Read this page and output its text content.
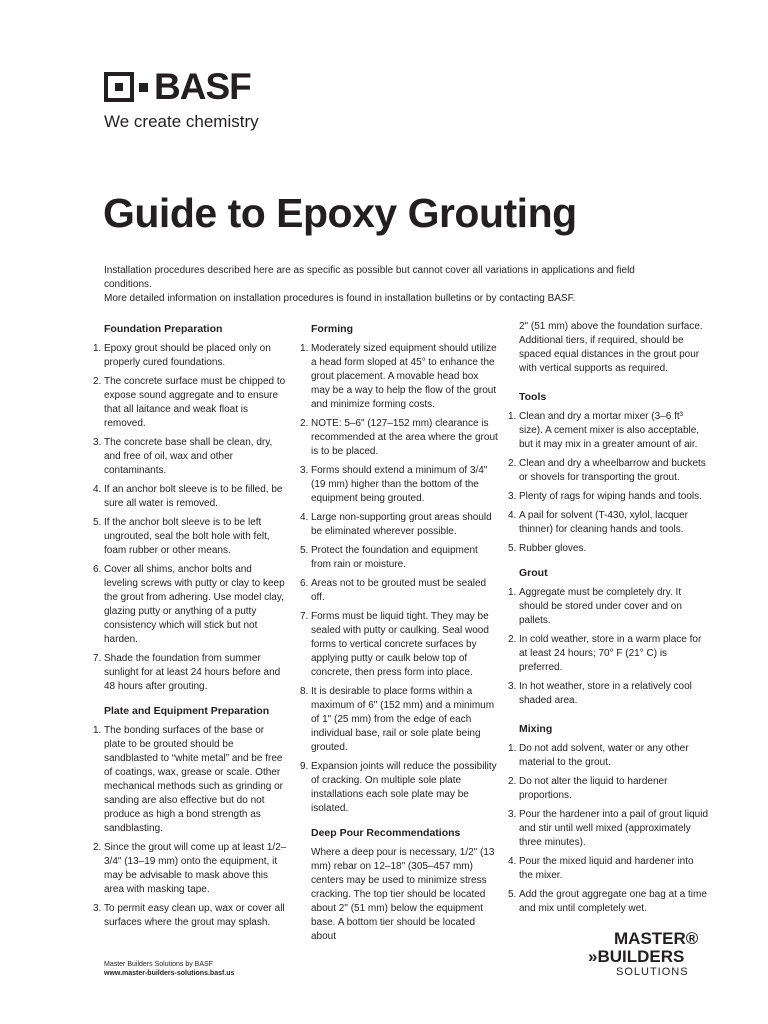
BASF
We create chemistry
Guide to Epoxy Grouting
Installation procedures described here are as specific as possible but cannot cover all variations in applications and field conditions.
More detailed information on installation procedures is found in installation bulletins or by contacting BASF.
Foundation Preparation
1. Epoxy grout should be placed only on properly cured foundations.
2. The concrete surface must be chipped to expose sound aggregate and to ensure that all laitance and weak float is removed.
3. The concrete base shall be clean, dry, and free of oil, wax and other contaminants.
4. If an anchor bolt sleeve is to be filled, be sure all water is removed.
5. If the anchor bolt sleeve is to be left ungrouted, seal the bolt hole with felt, foam rubber or other means.
6. Cover all shims, anchor bolts and leveling screws with putty or clay to keep the grout from adhering. Use model clay, glazing putty or anything of a putty consistency which will stick but not harden.
7. Shade the foundation from summer sunlight for at least 24 hours before and 48 hours after grouting.
Plate and Equipment Preparation
1. The bonding surfaces of the base or plate to be grouted should be sandblasted to “white metal” and be free of coatings, wax, grease or scale. Other mechanical methods such as grinding or sanding are also effective but do not produce as high a bond strength as sandblasting.
2. Since the grout will come up at least 1/2–3/4" (13–19 mm) onto the equipment, it may be advisable to mask above this area with masking tape.
3. To permit easy clean up, wax or cover all surfaces where the grout may splash.
Forming
1. Moderately sized equipment should utilize a head form sloped at 45° to enhance the grout placement. A movable head box may be a way to help the flow of the grout and minimize forming costs.
2. NOTE: 5–6" (127–152 mm) clearance is recommended at the area where the grout is to be placed.
3. Forms should extend a minimum of 3/4" (19 mm) higher than the bottom of the equipment being grouted.
4. Large non-supporting grout areas should be eliminated wherever possible.
5. Protect the foundation and equipment from rain or moisture.
6. Areas not to be grouted must be sealed off.
7. Forms must be liquid tight. They may be sealed with putty or caulking. Seal wood forms to vertical concrete surfaces by applying putty or caulk below top of concrete, then press form into place.
8. It is desirable to place forms within a maximum of 6" (152 mm) and a minimum of 1" (25 mm) from the edge of each individual base, rail or sole plate being grouted.
9. Expansion joints will reduce the possibility of cracking. On multiple sole plate installations each sole plate may be isolated.
Deep Pour Recommendations

Where a deep pour is necessary, 1/2" (13 mm) rebar on 12–18" (305–457 mm) centers may be used to minimize stress cracking. The top tier should be located about 2" (51 mm) below the equipment base. A bottom tier should be located about

2" (51 mm) above the foundation surface. Additional tiers, if required, should be spaced equal distances in the grout pour with vertical supports as required.

Tools
1. Clean and dry a mortar mixer (3–6 ft³ size). A cement mixer is also acceptable, but it may mix in a greater amount of air.
2. Clean and dry a wheelbarrow and buckets or shovels for transporting the grout.
3. Plenty of rags for wiping hands and tools.
4. A pail for solvent (T-430, xylol, lacquer thinner) for cleaning hands and tools.
5. Rubber gloves.
Grout
1. Aggregate must be completely dry. It should be stored under cover and on pallets.
2. In cold weather, store in a warm place for at least 24 hours; 70° F (21° C) is preferred.
3. In hot weather, store in a relatively cool shaded area.
Mixing
1. Do not add solvent, water or any other material to the grout.
2. Do not alter the liquid to hardener proportions.
3. Pour the hardener into a pail of grout liquid and stir until well mixed (approximately three minutes).
4. Pour the mixed liquid and hardener into the mixer.
5. Add the grout aggregate one bag at a time and mix until completely wet.
Master Builders Solutions by BASF
www.master-builders-solutions.basf.us
MASTER®
»BUILDERS
SOLUTIONS
